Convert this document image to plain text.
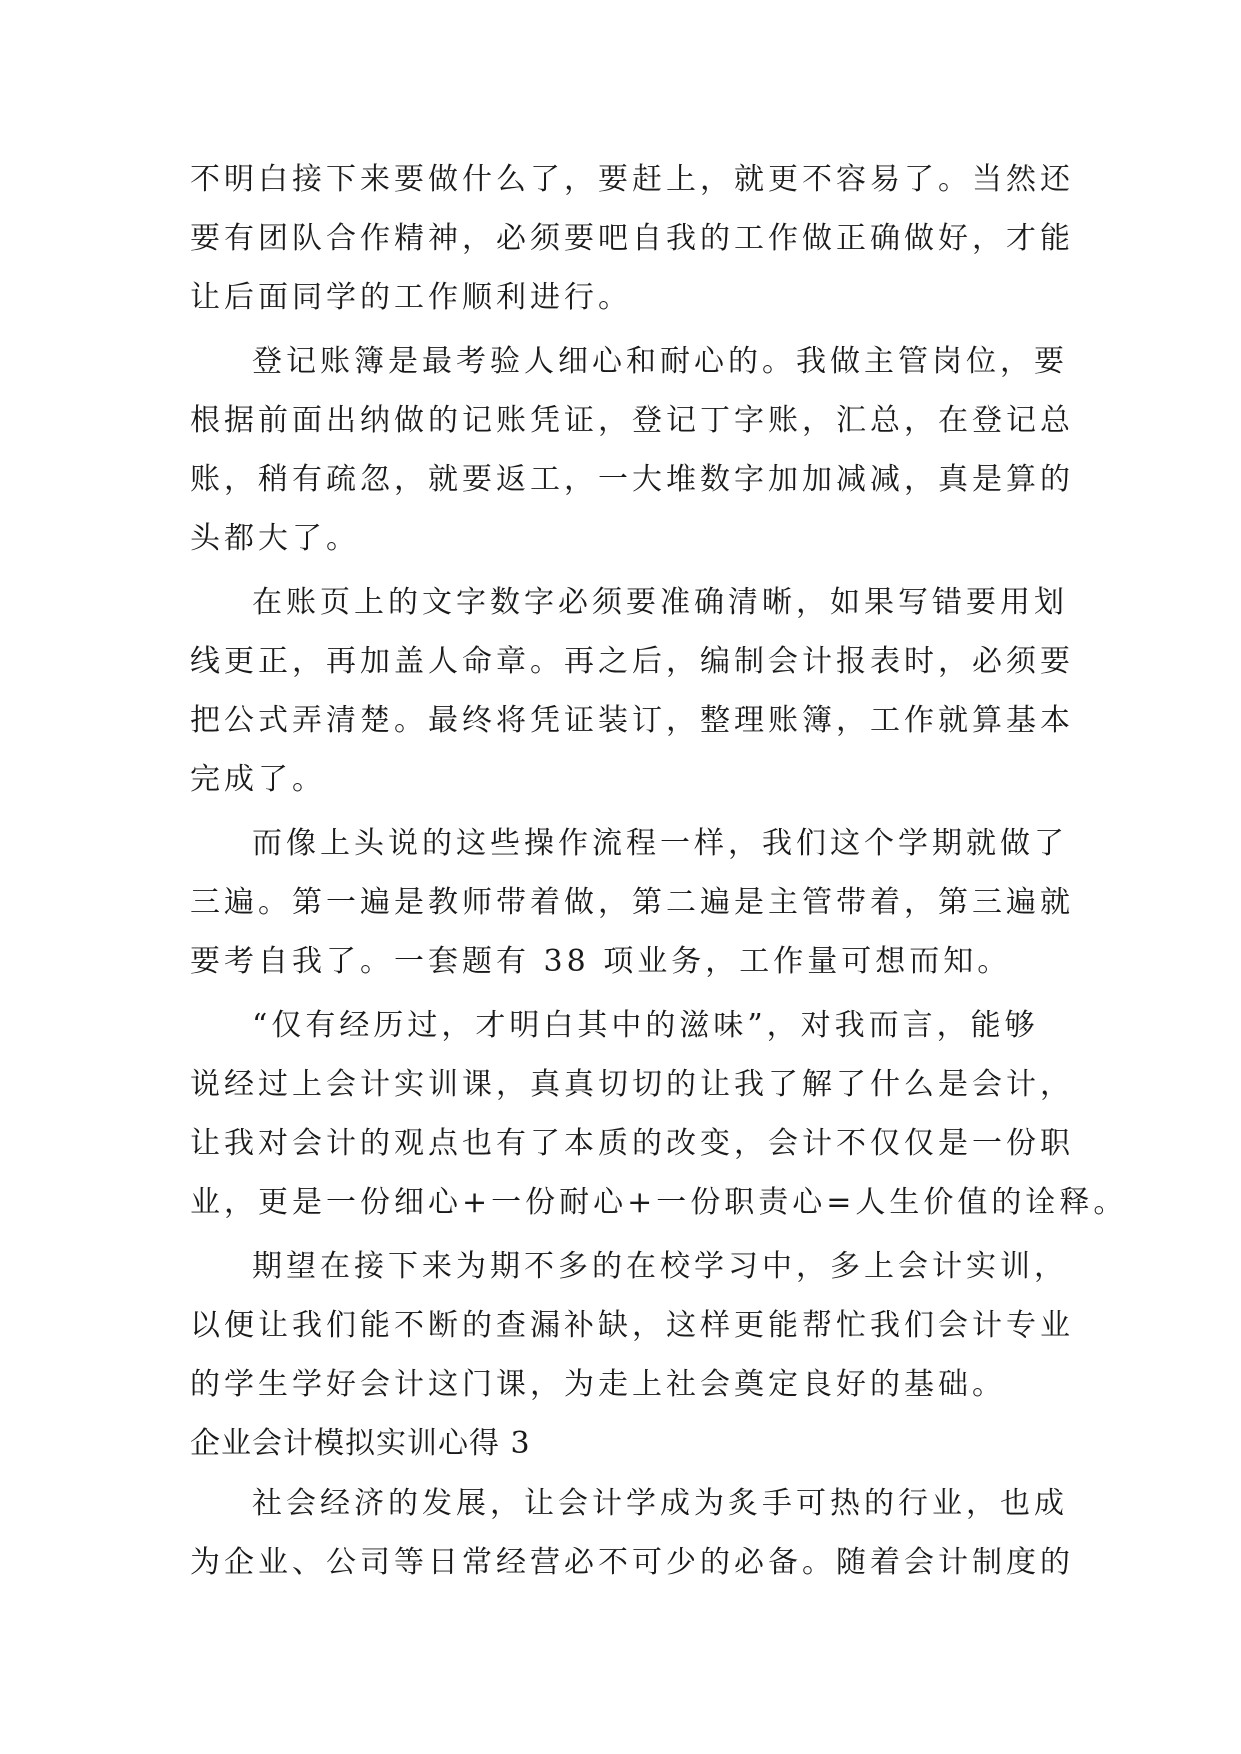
不明白接下来要做什么了，要赶上，就更不容易了。当然还
要有团队合作精神，必须要吧自我的工作做正确做好，才能
让后面同学的工作顺利进行。
登记账簿是最考验人细心和耐心的。我做主管岗位，要
根据前面出纳做的记账凭证，登记丁字账，汇总，在登记总
账，稍有疏忽，就要返工，一大堆数字加加减减，真是算的
头都大了。
在账页上的文字数字必须要准确清晰，如果写错要用划
线更正，再加盖人命章。再之后，编制会计报表时，必须要
把公式弄清楚。最终将凭证装订，整理账簿，工作就算基本
完成了。
而像上头说的这些操作流程一样，我们这个学期就做了
三遍。第一遍是教师带着做，第二遍是主管带着，第三遍就
要考自我了。一套题有 38 项业务，工作量可想而知。
“仅有经历过，才明白其中的滋味”，对我而言，能够
说经过上会计实训课，真真切切的让我了解了什么是会计，
让我对会计的观点也有了本质的改变，会计不仅仅是一份职
业，更是一份细心+一份耐心+一份职责心=人生价值的诠释。
期望在接下来为期不多的在校学习中，多上会计实训，
以便让我们能不断的查漏补缺，这样更能帮忙我们会计专业
的学生学好会计这门课，为走上社会奠定良好的基础。
企业会计模拟实训心得 3
社会经济的发展，让会计学成为炙手可热的行业，也成
为企业、公司等日常经营必不可少的必备。随着会计制度的
